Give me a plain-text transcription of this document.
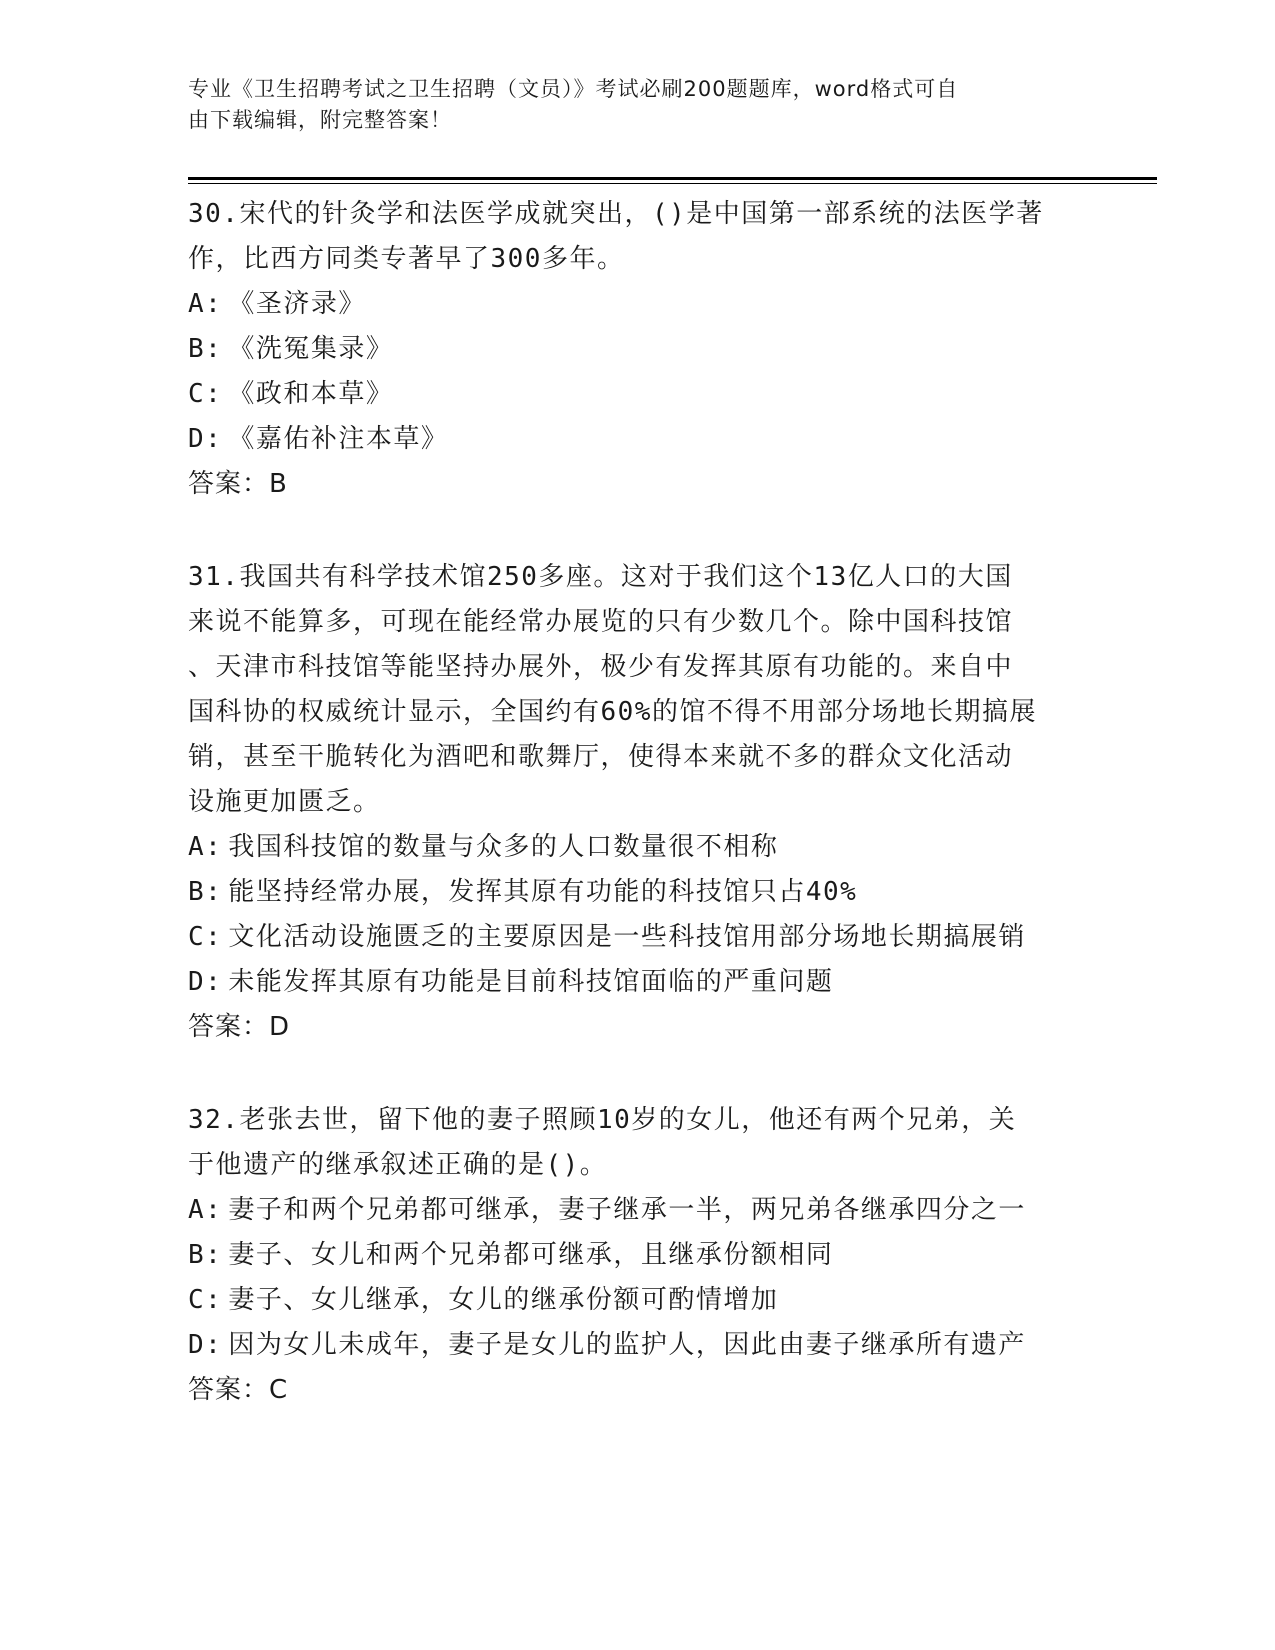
专业《卫生招聘考试之卫生招聘（文员）》考试必刷200题题库，word格式可自
由下载编辑，附完整答案！
30.宋代的针灸学和法医学成就突出，()是中国第一部系统的法医学著
作，比西方同类专著早了300多年。
A: 《圣济录》
B: 《洗冤集录》
C: 《政和本草》
D: 《嘉佑补注本草》
答案：B
31.我国共有科学技术馆250多座。这对于我们这个13亿人口的大国
来说不能算多，可现在能经常办展览的只有少数几个。除中国科技馆
、天津市科技馆等能坚持办展外，极少有发挥其原有功能的。来自中
国科协的权威统计显示，全国约有60%的馆不得不用部分场地长期搞展
销，甚至干脆转化为酒吧和歌舞厅，使得本来就不多的群众文化活动
设施更加匮乏。
A: 我国科技馆的数量与众多的人口数量很不相称
B: 能坚持经常办展，发挥其原有功能的科技馆只占40%
C: 文化活动设施匮乏的主要原因是一些科技馆用部分场地长期搞展销
D: 未能发挥其原有功能是目前科技馆面临的严重问题
答案：D
32.老张去世，留下他的妻子照顾10岁的女儿，他还有两个兄弟，关
于他遗产的继承叙述正确的是()。
A: 妻子和两个兄弟都可继承，妻子继承一半，两兄弟各继承四分之一
B: 妻子、女儿和两个兄弟都可继承，且继承份额相同
C: 妻子、女儿继承，女儿的继承份额可酌情增加
D: 因为女儿未成年，妻子是女儿的监护人，因此由妻子继承所有遗产
答案：C
